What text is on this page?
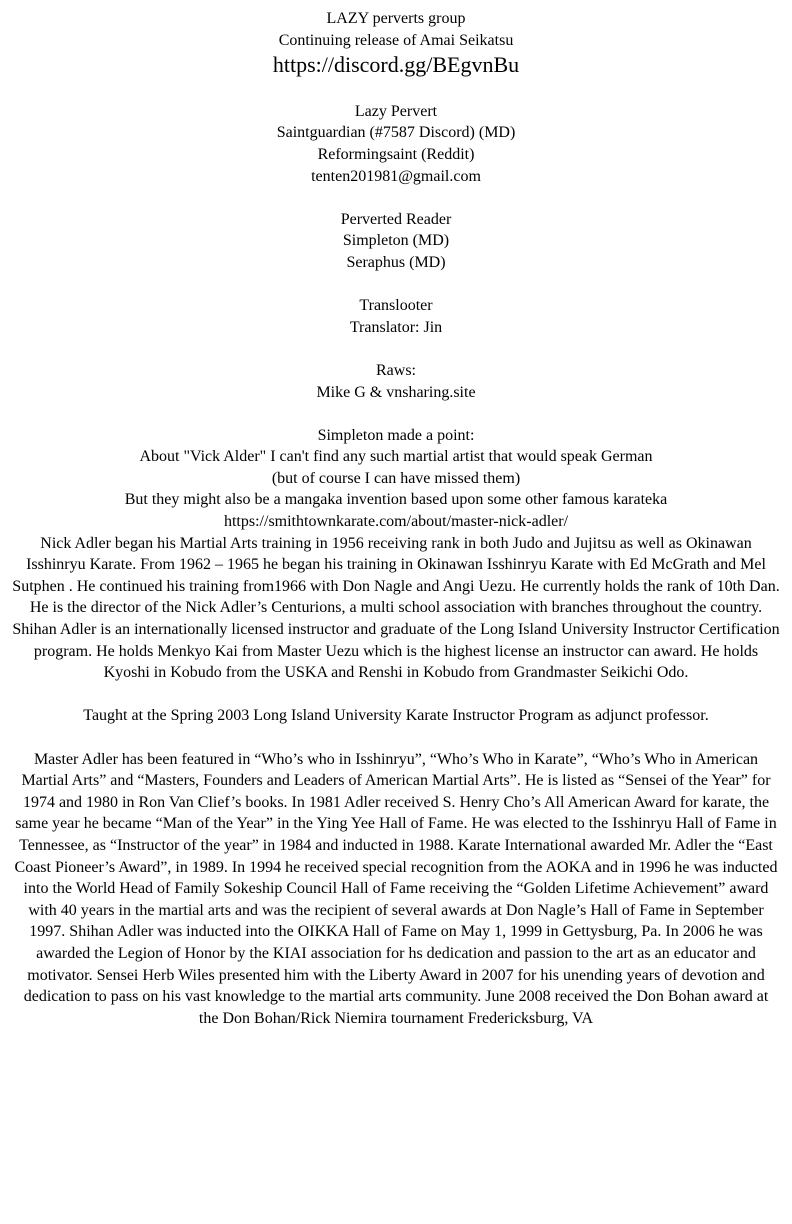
LAZY perverts group
Continuing release of Amai Seikatsu
https://discord.gg/BEgvnBu
Lazy Pervert
Saintguardian (#7587 Discord) (MD)
Reformingsaint (Reddit)
tenten201981@gmail.com
Perverted Reader
Simpleton (MD)
Seraphus (MD)
Translooter
Translator: Jin
Raws:
Mike G & vnsharing.site
Simpleton made a point:
About "Vick Alder" I can't find any such martial artist that would speak German
(but of course I can have missed them)
But they might also be a mangaka invention based upon some other famous karateka
https://smithtownkarate.com/about/master-nick-adler/
Nick Adler began his Martial Arts training in 1956 receiving rank in both Judo and Jujitsu as well as Okinawan Isshinryu Karate. From 1962 – 1965 he began his training in Okinawan Isshinryu Karate with Ed McGrath and Mel Sutphen . He continued his training from1966 with Don Nagle and Angi Uezu. He currently holds the rank of 10th Dan. He is the director of the Nick Adler’s Centurions, a multi school association with branches throughout the country. Shihan Adler is an internationally licensed instructor and graduate of the Long Island University Instructor Certification program. He holds Menkyo Kai from Master Uezu which is the highest license an instructor can award. He holds Kyoshi in Kobudo from the USKA and Renshi in Kobudo from Grandmaster Seikichi Odo.
Taught at the Spring 2003 Long Island University Karate Instructor Program as adjunct professor.
Master Adler has been featured in “Who’s who in Isshinryu”, “Who’s Who in Karate”, “Who’s Who in American Martial Arts” and “Masters, Founders and Leaders of American Martial Arts”. He is listed as “Sensei of the Year” for 1974 and 1980 in Ron Van Clief’s books. In 1981 Adler received S. Henry Cho’s All American Award for karate, the same year he became “Man of the Year” in the Ying Yee Hall of Fame. He was elected to the Isshinryu Hall of Fame in Tennessee, as “Instructor of the year” in 1984 and inducted in 1988. Karate International awarded Mr. Adler the “East Coast Pioneer’s Award”, in 1989. In 1994 he received special recognition from the AOKA and in 1996 he was inducted into the World Head of Family Sokeship Council Hall of Fame receiving the “Golden Lifetime Achievement” award with 40 years in the martial arts and was the recipient of several awards at Don Nagle’s Hall of Fame in September 1997. Shihan Adler was inducted into the OIKKA Hall of Fame on May 1, 1999 in Gettysburg, Pa. In 2006 he was awarded the Legion of Honor by the KIAI association for hs dedication and passion to the art as an educator and motivator. Sensei Herb Wiles presented him with the Liberty Award in 2007 for his unending years of devotion and dedication to pass on his vast knowledge to the martial arts community. June 2008 received the Don Bohan award at the Don Bohan/Rick Niemira tournament Fredericksburg, VA
